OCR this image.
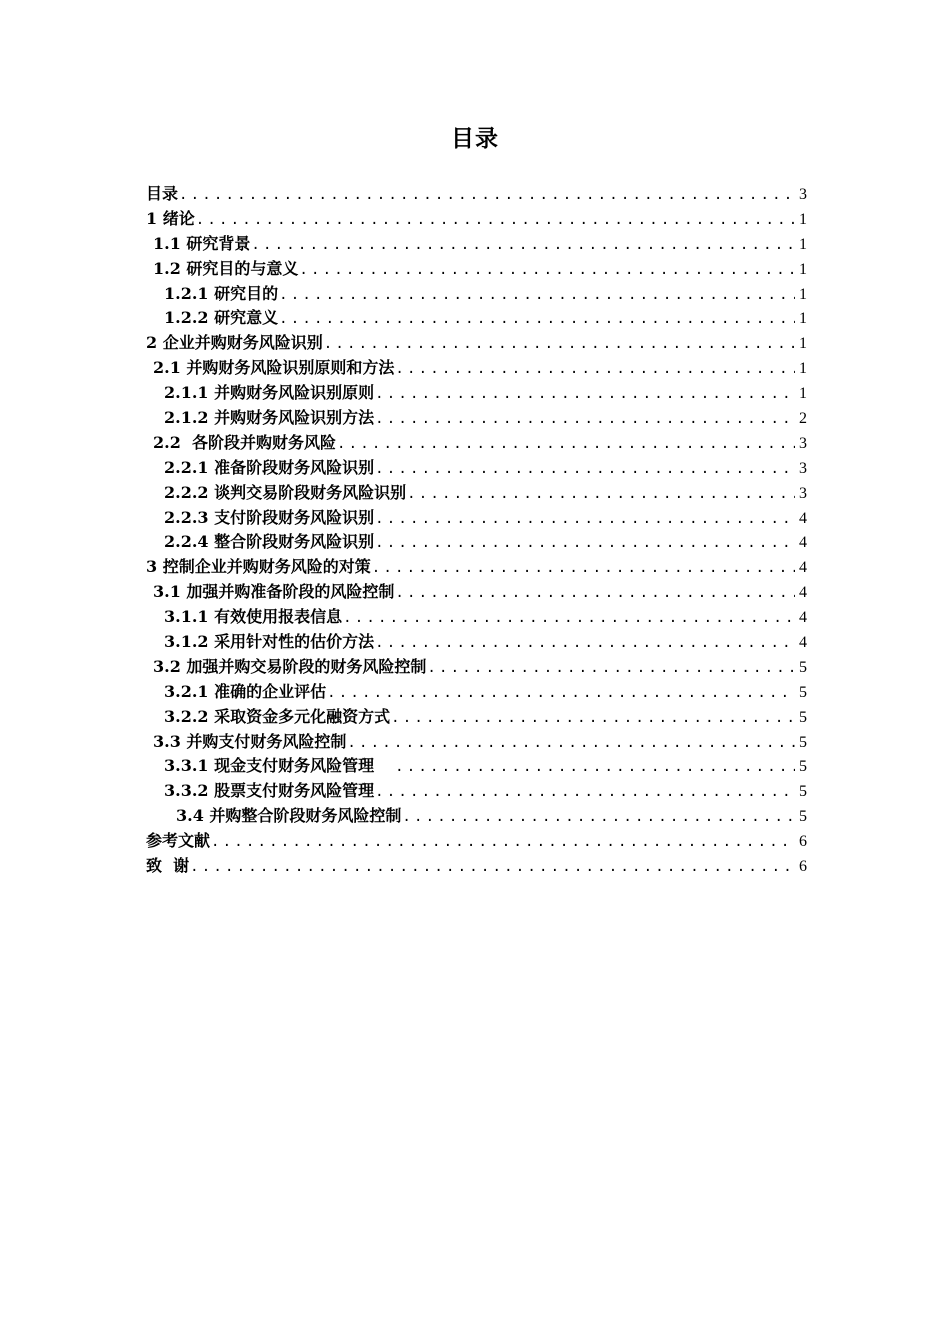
目录
目录 .....	3
1 绪论 .....	1
1.1 研究背景 .....	1
1.2 研究目的与意义 .....	1
1.2.1 研究目的 .....	1
1.2.2 研究意义 .....	1
2 企业并购财务风险识别 .....	1
2.1 并购财务风险识别原则和方法 .....	1
2.1.1 并购财务风险识别原则 .....	1
2.1.2 并购财务风险识别方法 .....	2
2.2  各阶段并购财务风险 .....	3
2.2.1 准备阶段财务风险识别 .....	3
2.2.2 谈判交易阶段财务风险识别 .....	3
2.2.3 支付阶段财务风险识别 .....	4
2.2.4 整合阶段财务风险识别 .....	4
3 控制企业并购财务风险的对策 .....	4
3.1 加强并购准备阶段的风险控制 .....	4
3.1.1 有效使用报表信息 .....	4
3.1.2 采用针对性的估价方法 .....	4
3.2 加强并购交易阶段的财务风险控制 .....	5
3.2.1 准确的企业评估 .....	5
3.2.2 采取资金多元化融资方式 .....	5
3.3 并购支付财务风险控制 .....	5
3.3.1 现金支付财务风险管理 .....	5
3.3.2 股票支付财务风险管理 .....	5
3.4 并购整合阶段财务风险控制 .....	5
参考文献 .....	6
致  谢 .....	6
